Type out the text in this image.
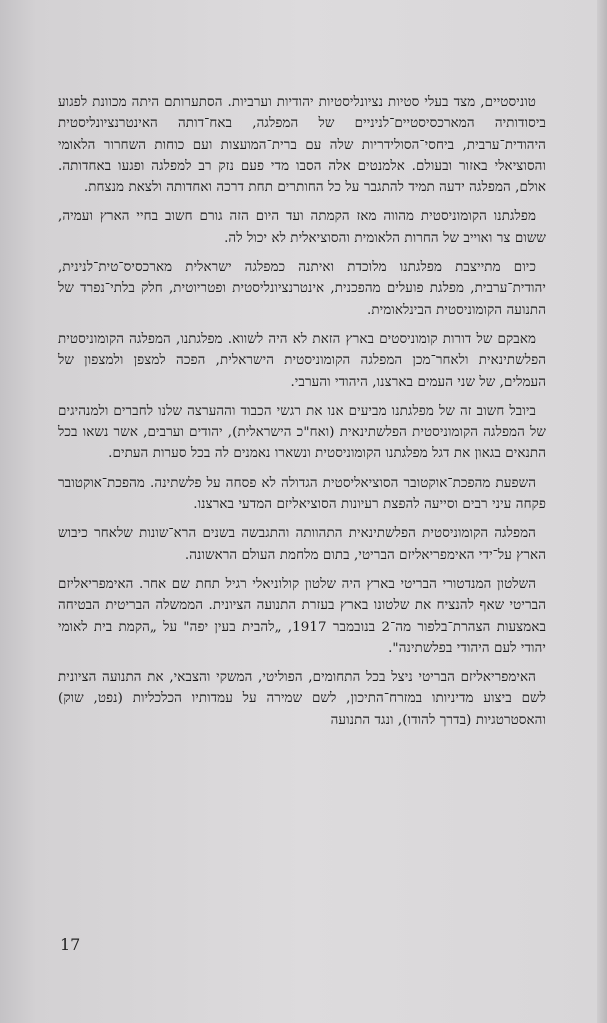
טוניסטיים, מצד בעלי סטיות נציונליסטיות יהודיות וערביות. הסתערותם היתה מכוונת לפגוע ביסודותיה המארכסיסטיים־לניניים של המפלגה, באח־דותה האינטרנציונליסטית היהודית־ערבית, ביחסי־הסולידריות שלה עם ברית־המועצות ועם כוחות השחרור הלאומי והסוציאלי באזור ובעולם. אלמנטים אלה הסבו מדי פעם נזק רב למפלגה ופגעו באחדותה. אולם, המפלגה ידעה תמיד להתגבר על כל החותרים תחת דרכה ואחדותה ולצאת מנצחת.

מפלגתנו הקומוניסטית מהווה מאז הקמתה ועד היום הזה גורם חשוב בחיי הארץ ועמיה, ששום צר ואוייב של החרות הלאומית והסוציאלית לא יכול לה.

כיום מתייצבת מפלגתנו מלוכדת ואיתנה כמפלגה ישראלית מארכסיס־טית־לנינית, יהודית־ערבית, מפלגת פועלים מהפכנית, אינטרנציונליסטית ופטריוטית, חלק בלתי־נפרד של התנועה הקומוניסטית הבינלאומית.

מאבקם של דורות קומוניסטים בארץ הזאת לא היה לשווא. מפלגתנו, המפלגה הקומוניסטית הפלשתינאית ולאחר־מכן המפלגה הקומוניסטית הישראלית, הפכה למצפן ולמצפון של העמלים, של שני העמים בארצנו, היהודי והערבי.

ביובל חשוב זה של מפלגתנו מביעים אנו את רגשי הכבוד וההערצה שלנו לחברים ולמנהיגים של המפלגה הקומוניסטית הפלשתינאית (ואח"כ הישראלית), יהודים וערבים, אשר נשאו בכל התנאים בגאון את דגל מפלגתנו הקומוניסטית ונשארו נאמנים לה בכל סערות העתים.

השפעת מהפכת־אוקטובר הסוציאליסטית הגדולה לא פסחה על פלשתינה. מהפכת־אוקטובר פקחה עיני רבים וסייעה להפצת רעיונות הסוציאליזם המדעי בארצנו.

המפלגה הקומוניסטית הפלשתינאית התהוותה והתגבשה בשנים הרא־שונות שלאחר כיבוש הארץ על־ידי האימפריאליזם הבריטי, בתום מלחמת העולם הראשונה.

השלטון המנדטורי הבריטי בארץ היה שלטון קולוניאלי רגיל תחת שם אחר. האימפריאליזם הבריטי שאף להנציח את שלטונו בארץ בעזרת התנועה הציונית. הממשלה הבריטית הבטיחה באמצעות הצהרת־בלפור מה־2 בנובמבר 1917, „להבית בעין יפה" על „הקמת בית לאומי יהודי לעם היהודי בפלשתינה".

האימפריאליזם הבריטי ניצל בכל התחומים, הפוליטי, המשקי והצבאי, את התנועה הציונית לשם ביצוע מדיניותו במזרח־התיכון, לשם שמירה על עמדותיו הכלכליות (נפט, שוק) והאסטרטגיות (בדרך להודו), ונגד התנועה

17
